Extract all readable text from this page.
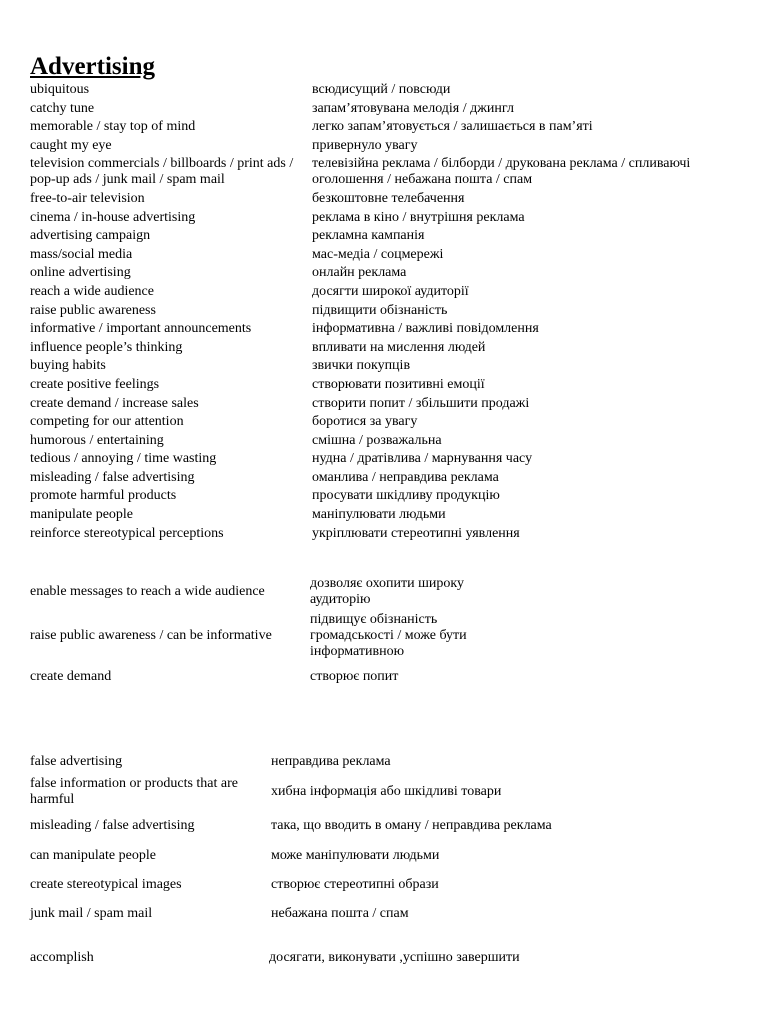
Advertising
ubiquitous	всюдисущий / повсюди
catchy tune	запам’ятовувана мелодія / джингл
memorable / stay top of mind	легко запам’ятовується / залишається в пам’яті
caught my eye	привернуло увагу
television commercials / billboards / print ads / pop-up ads / junk mail / spam mail	телевізійна реклама / білборди / друкована реклама / спливаючі оголошення / небажана пошта / спам
free-to-air television	безкоштовне телебачення
cinema / in-house advertising	реклама в кіно / внутрішня реклама
advertising campaign	рекламна кампанія
mass/social media	мас-медіа / соцмережі
online advertising	онлайн реклама
reach a wide audience	досягти широкої аудиторії
raise public awareness	підвищити обізнаність
informative / important announcements	інформативна / важливі повідомлення
influence people’s thinking	впливати на мислення людей
buying habits	звички покупців
create positive feelings	створювати позитивні емоції
create demand / increase sales	створити попит / збільшити продажі
competing for our attention	боротися за увагу
humorous / entertaining	смішна / розважальна
tedious / annoying / time wasting	нудна / дратівлива / марнування часу
misleading / false advertising	оманлива / неправдива реклама
promote harmful products	просувати шкідливу продукцію
manipulate people	маніпулювати людьми
reinforce stereotypical perceptions	укріплювати стереотипні уявлення
enable messages to reach a wide audience	дозволяє охопити широку аудиторію
raise public awareness / can be informative	підвищує обізнаність громадськості / може бути інформативною
create demand	створює попит
false advertising	неправдива реклама
false information or products that are harmful	хибна інформація або шкідливі товари
misleading / false advertising	така, що вводить в оману / неправдива реклама
can manipulate people	може маніпулювати людьми
create stereotypical images	створює стереотипні образи
junk mail / spam mail	небажана пошта / спам

accomplish	досягати, виконувати ,успішно завершити
